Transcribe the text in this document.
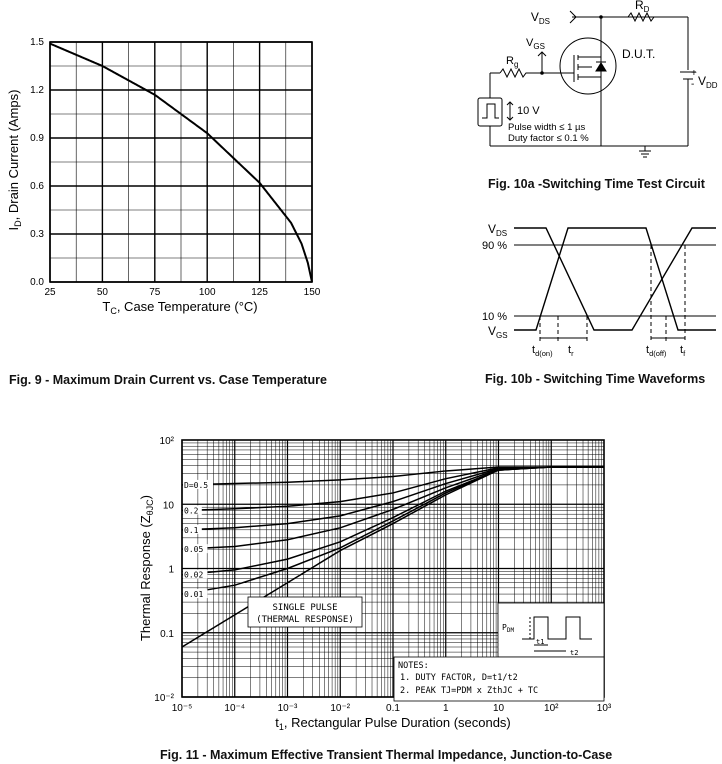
25	50	75	100	125	150
0.0
0.3
0.6
0.9
1.2
1.5
$I_D$, Drain Current (Amps)
$T_C$, Case Temperature (°C)
Fig. 9 - Maximum Drain Current vs. Case Temperature
$V_{DS}$
$R_D$
$V_{GS}$
$R_g$
D.U.T.
+
- $V_{DD}$
10 V
Pulse width ≤ 1 µs
Duty factor ≤ 0.1 %
Fig. 10a -Switching Time Test Circuit
$V_{DS}$
90 %
10 %
$V_{GS}$
$t_{d(on)}$ $t_r$	$t_{d(off)}$ $t_f$
Fig. 10b - Switching Time Waveforms
10⁻⁵	10⁻⁴	10⁻³	10⁻²	0.1	1	10	10²	10³
10⁻²
0.1
1
10
10²
D=0.5
0.2
0.1
0.05
0.02
0.01
SINGLE PULSE
(THERMAL RESPONSE)
$P_{DM}$
t1
t2
NOTES:
1. DUTY FACTOR, D=t1/t2
2. PEAK TJ=PDM x ZthJC + TC
Thermal Response $(Z_{\theta JC})$
$t_1$, Rectangular Pulse Duration (seconds)
Fig. 11 - Maximum Effective Transient Thermal Impedance, Junction-to-Case
